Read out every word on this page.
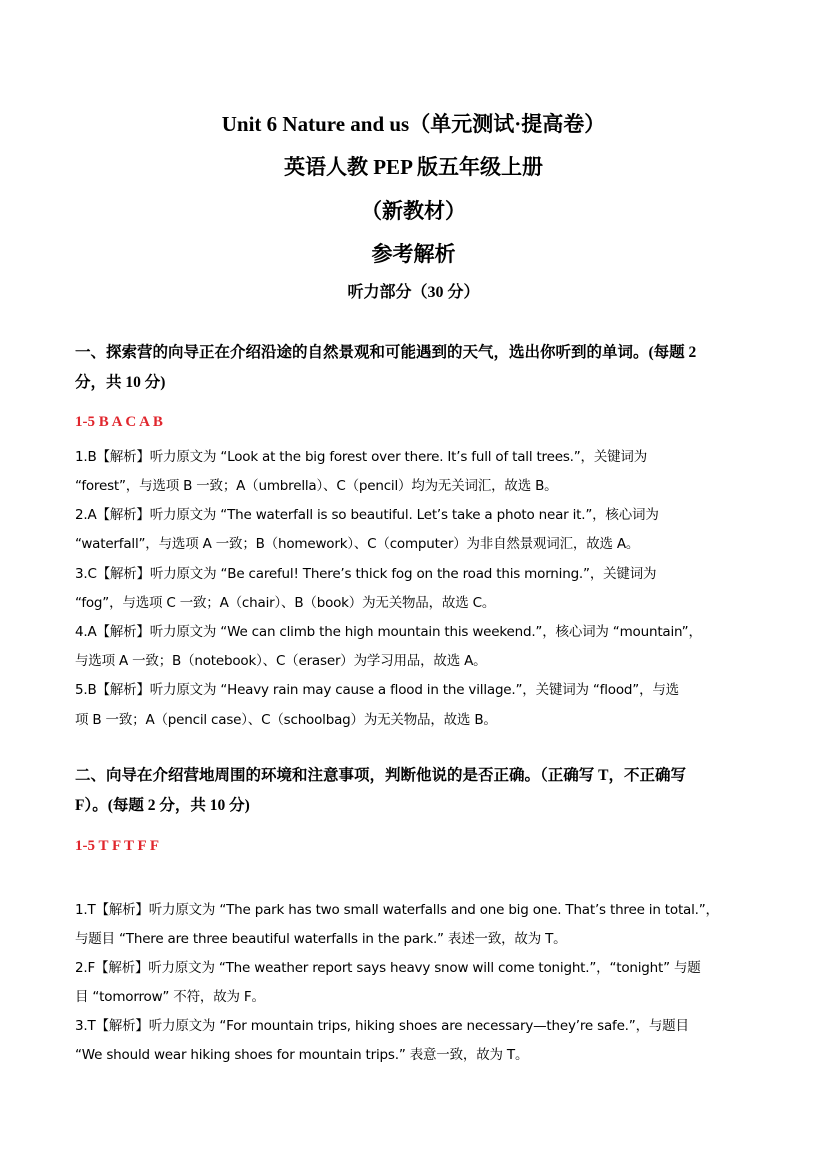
Unit 6 Nature and us（单元测试·提高卷）
英语人教 PEP 版五年级上册
（新教材）
参考解析
听力部分（30 分）
一、探索营的向导正在介绍沿途的自然景观和可能遇到的天气，选出你听到的单词。(每题 2
分，共 10 分)
1-5 B A C A B
1.B【解析】听力原文为 “Look at the big forest over there. It’s full of tall trees.”，关键词为
“forest”，与选项 B 一致；A（umbrella）、C（pencil）均为无关词汇，故选 B。
2.A【解析】听力原文为 “The waterfall is so beautiful. Let’s take a photo near it.”，核心词为
“waterfall”，与选项 A 一致；B（homework）、C（computer）为非自然景观词汇，故选 A。
3.C【解析】听力原文为 “Be careful! There’s thick fog on the road this morning.”，关键词为
“fog”，与选项 C 一致；A（chair）、B（book）为无关物品，故选 C。
4.A【解析】听力原文为 “We can climb the high mountain this weekend.”，核心词为 “mountain”，
与选项 A 一致；B（notebook）、C（eraser）为学习用品，故选 A。
5.B【解析】听力原文为 “Heavy rain may cause a flood in the village.”，关键词为 “flood”，与选
项 B 一致；A（pencil case）、C（schoolbag）为无关物品，故选 B。
二、向导在介绍营地周围的环境和注意事项，判断他说的是否正确。（正确写 T，不正确写
F）。(每题 2 分，共 10 分)
1-5 T F T F F
1.T【解析】听力原文为 “The park has two small waterfalls and one big one. That’s three in total.”，
与题目 “There are three beautiful waterfalls in the park.” 表述一致，故为 T。
2.F【解析】听力原文为 “The weather report says heavy snow will come tonight.”，“tonight” 与题
目 “tomorrow” 不符，故为 F。
3.T【解析】听力原文为 “For mountain trips, hiking shoes are necessary—they’re safe.”，与题目
“We should wear hiking shoes for mountain trips.” 表意一致，故为 T。
